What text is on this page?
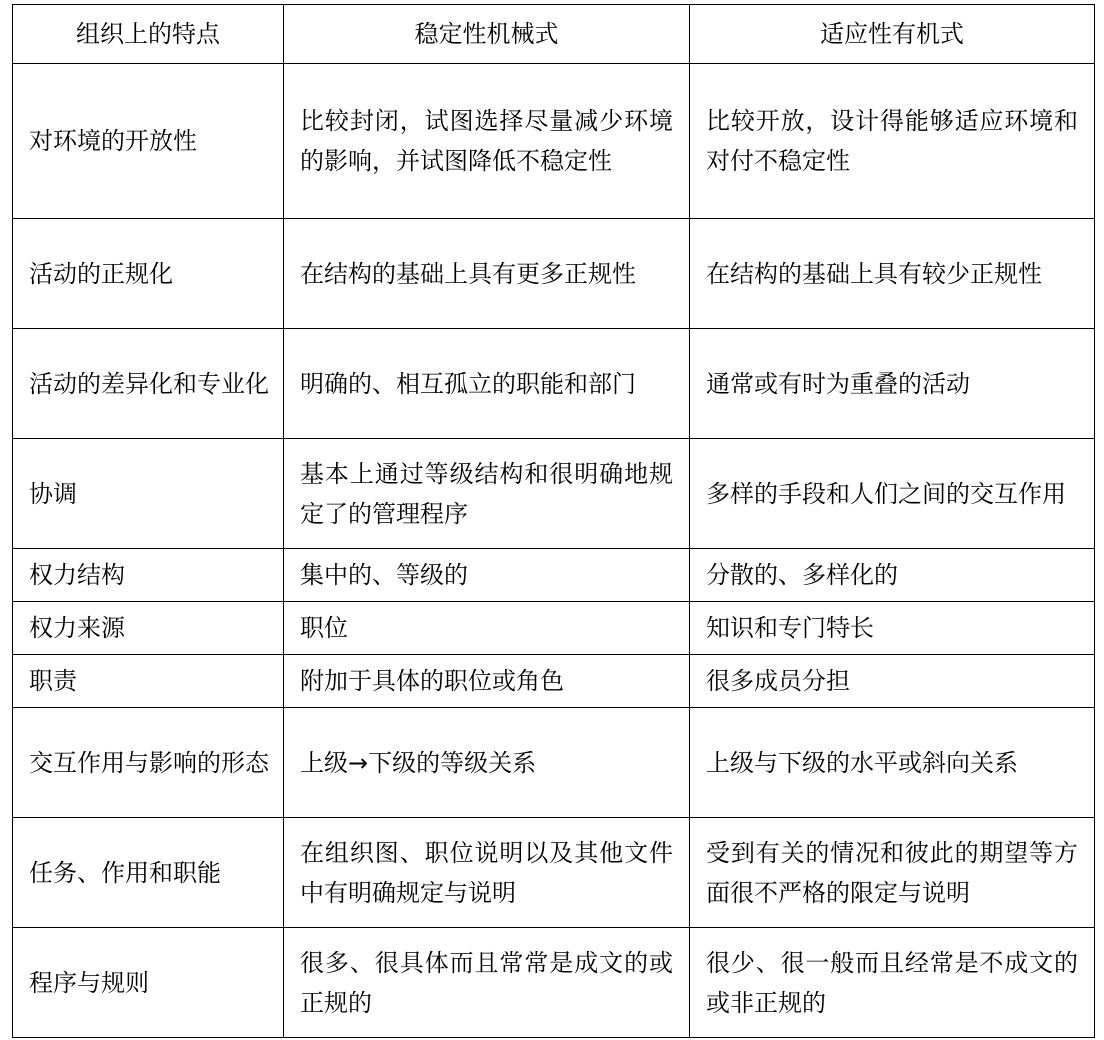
组织上的特点	稳定性机械式	适应性有机式
对环境的开放性	比较封闭，试图选择尽量减少环境的影响，并试图降低不稳定性	比较开放，设计得能够适应环境和对付不稳定性
活动的正规化	在结构的基础上具有更多正规性	在结构的基础上具有较少正规性
活动的差异化和专业化	明确的、相互孤立的职能和部门	通常或有时为重叠的活动
协调	基本上通过等级结构和很明确地规定了的管理程序	多样的手段和人们之间的交互作用
权力结构	集中的、等级的	分散的、多样化的
权力来源	职位	知识和专门特长
职责	附加于具体的职位或角色	很多成员分担
交互作用与影响的形态	上级→下级的等级关系	上级与下级的水平或斜向关系
任务、作用和职能	在组织图、职位说明以及其他文件中有明确规定与说明	受到有关的情况和彼此的期望等方面很不严格的限定与说明
程序与规则	很多、很具体而且常常是成文的或正规的	很少、很一般而且经常是不成文的或非正规的
